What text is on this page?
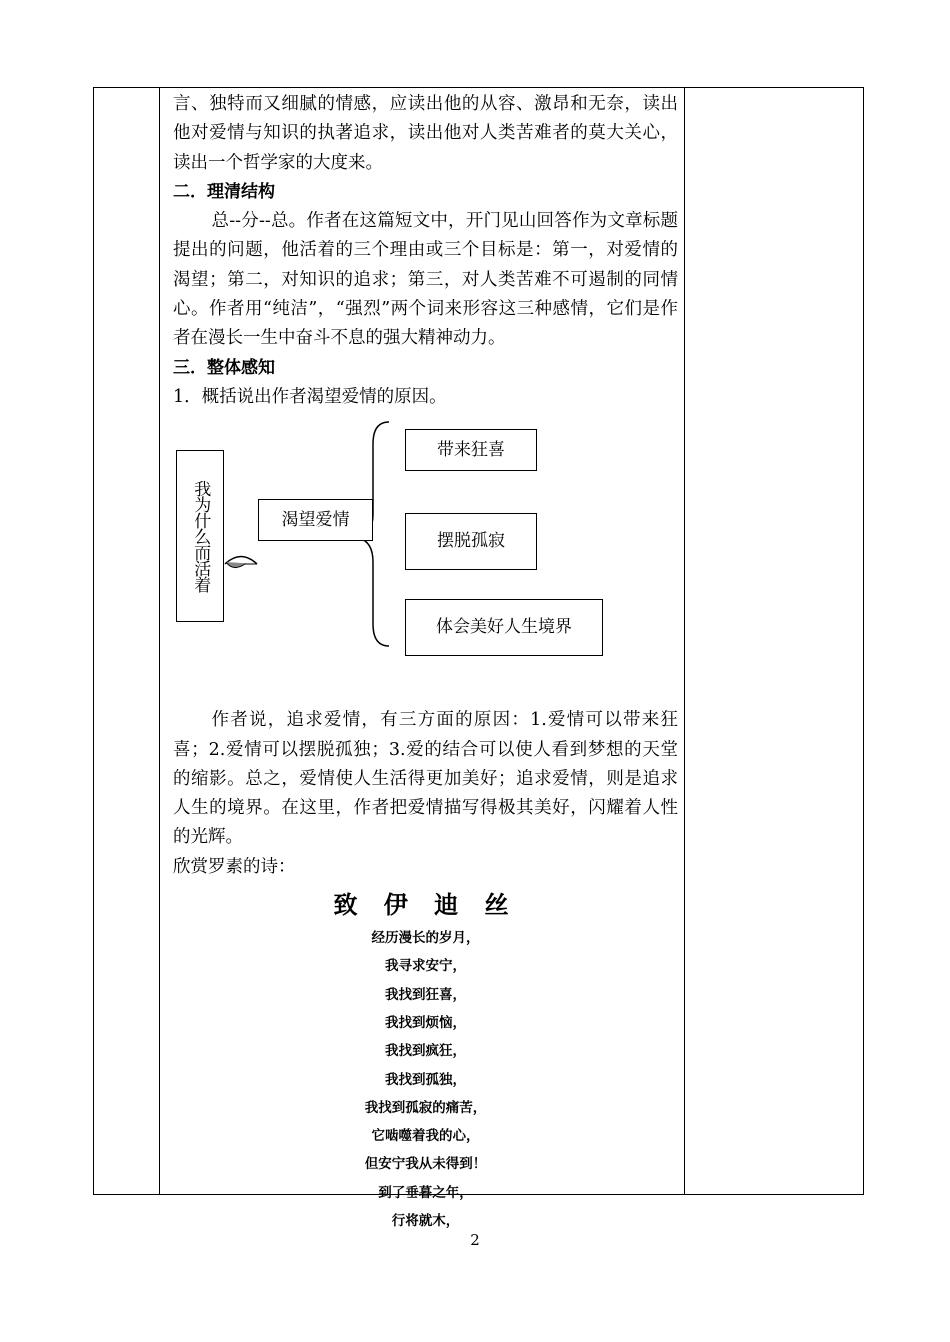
言、独特而又细腻的情感，应读出他的从容、激昂和无奈，读出他对爱情与知识的执著追求，读出他对人类苦难者的莫大关心，读出一个哲学家的大度来。

二．理清结构

总--分--总。作者在这篇短文中，开门见山回答作为文章标题提出的问题，他活着的三个理由或三个目标是：第一，对爱情的渴望；第二，对知识的追求；第三，对人类苦难不可遏制的同情心。作者用“纯洁”，“强烈”两个词来形容这三种感情，它们是作者在漫长一生中奋斗不息的强大精神动力。

三．整体感知

1．概括说出作者渴望爱情的原因。

我为什么而活着	渴望爱情
带来狂喜
摆脱孤寂
体会美好人生境界

作者说，追求爱情，有三方面的原因：1.爱情可以带来狂喜；2.爱情可以摆脱孤独；3.爱的结合可以使人看到梦想的天堂的缩影。总之，爱情使人生活得更加美好；追求爱情，则是追求人生的境界。在这里，作者把爱情描写得极其美好，闪耀着人性的光辉。

欣赏罗素的诗：

致 伊 迪 丝
经历漫长的岁月，
我寻求安宁，
我找到狂喜，
我找到烦恼，
我找到疯狂，
我找到孤独，
我找到孤寂的痛苦，
它啮噬着我的心，
但安宁我从未得到！
到了垂暮之年，
行将就木，
2
